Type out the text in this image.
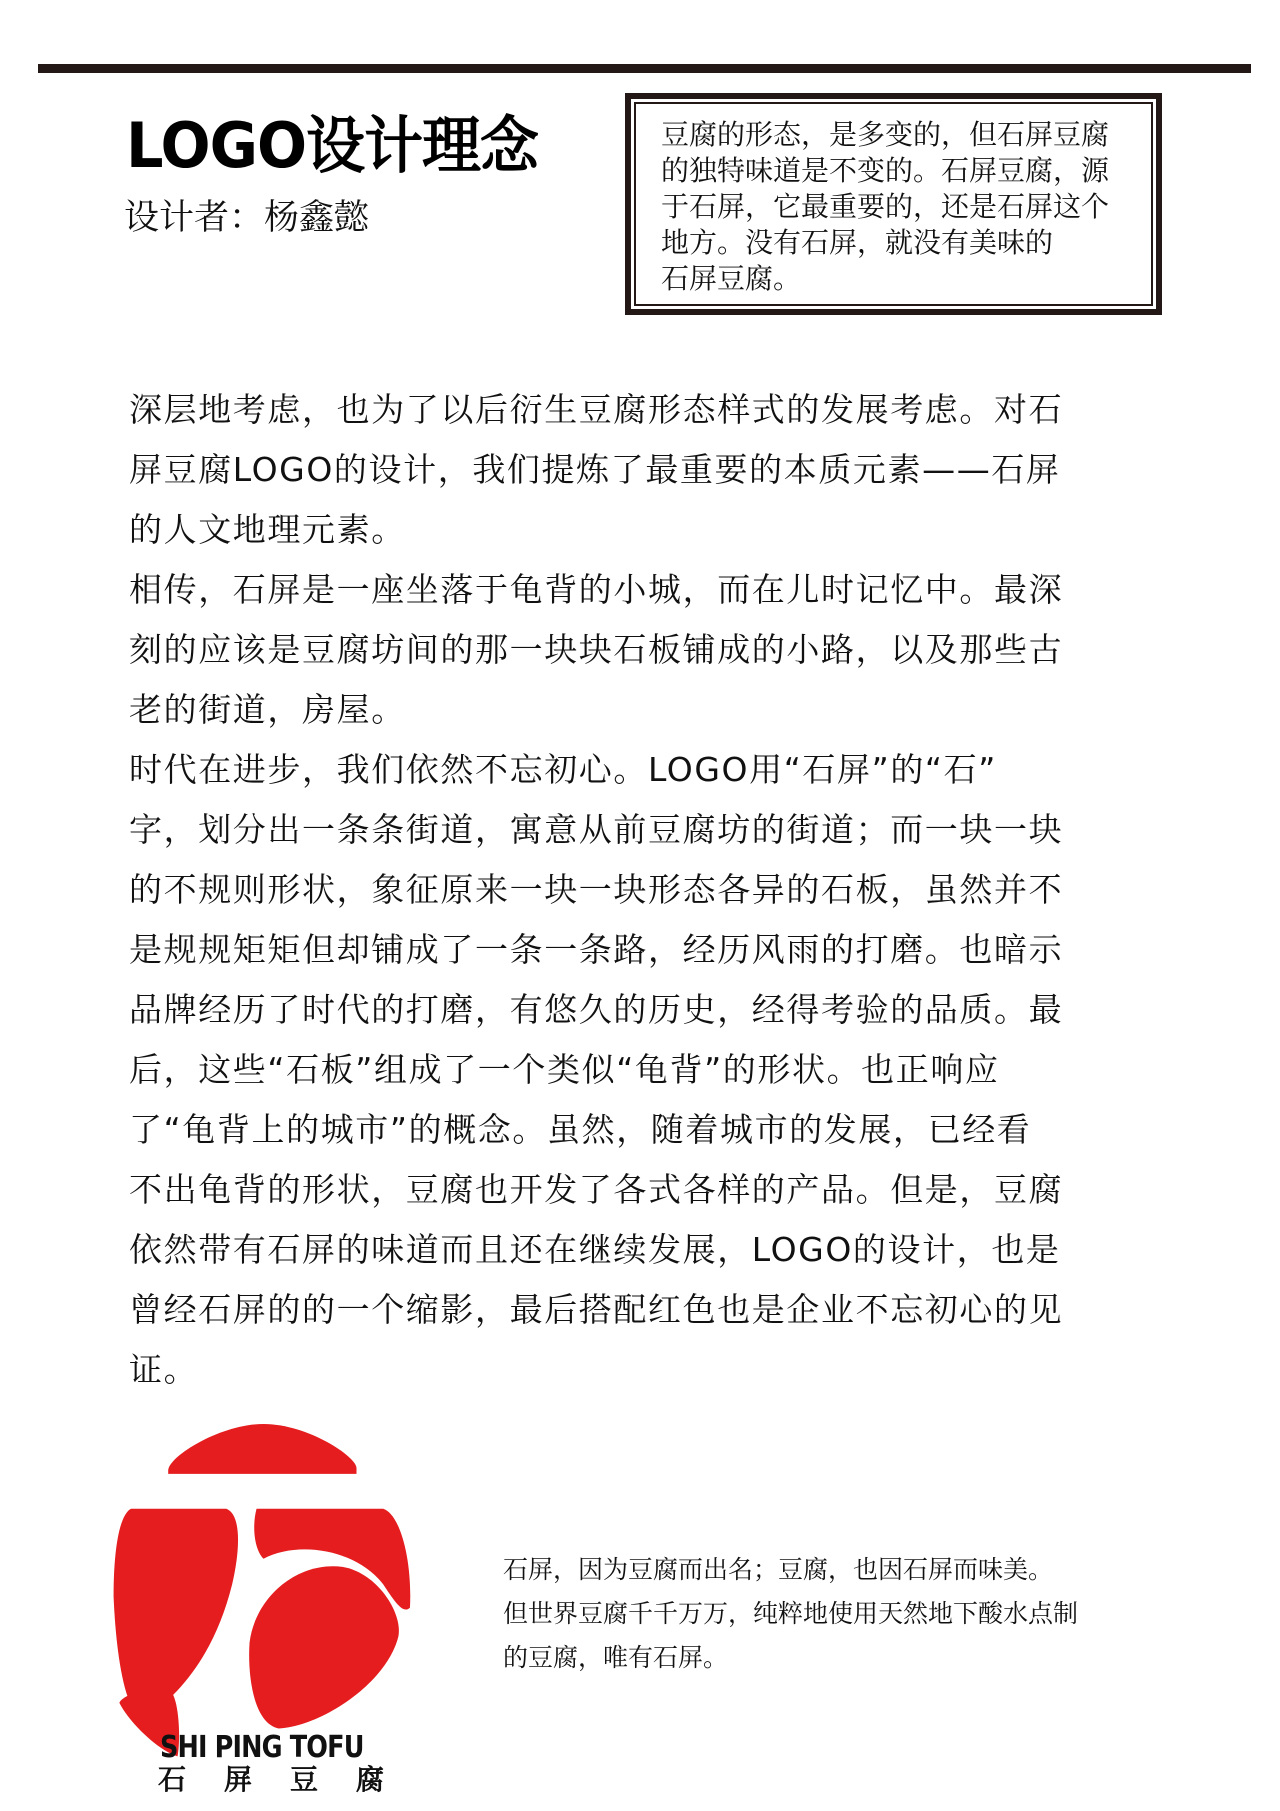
LOGO设计理念
设计者：杨鑫懿
豆腐的形态，是多变的，但石屏豆腐
的独特味道是不变的。石屏豆腐，源
于石屏，它最重要的，还是石屏这个
地方。没有石屏，就没有美味的
石屏豆腐。
深层地考虑，也为了以后衍生豆腐形态样式的发展考虑。对石
屏豆腐LOGO的设计，我们提炼了最重要的本质元素——石屏
的人文地理元素。
相传，石屏是一座坐落于龟背的小城，而在儿时记忆中。最深
刻的应该是豆腐坊间的那一块块石板铺成的小路，以及那些古
老的街道，房屋。
时代在进步，我们依然不忘初心。LOGO用“石屏”的“石”
字，划分出一条条街道，寓意从前豆腐坊的街道；而一块一块
的不规则形状，象征原来一块一块形态各异的石板，虽然并不
是规规矩矩但却铺成了一条一条路，经历风雨的打磨。也暗示
品牌经历了时代的打磨，有悠久的历史，经得考验的品质。最
后，这些“石板”组成了一个类似“龟背”的形状。也正响应
了“龟背上的城市”的概念。虽然，随着城市的发展，已经看
不出龟背的形状，豆腐也开发了各式各样的产品。但是，豆腐
依然带有石屏的味道而且还在继续发展，LOGO的设计，也是
曾经石屏的的一个缩影，最后搭配红色也是企业不忘初心的见
证。
SHI PING TOFU
石屏豆腐
石屏，因为豆腐而出名；豆腐，也因石屏而味美。
但世界豆腐千千万万，纯粹地使用天然地下酸水点制
的豆腐，唯有石屏。
